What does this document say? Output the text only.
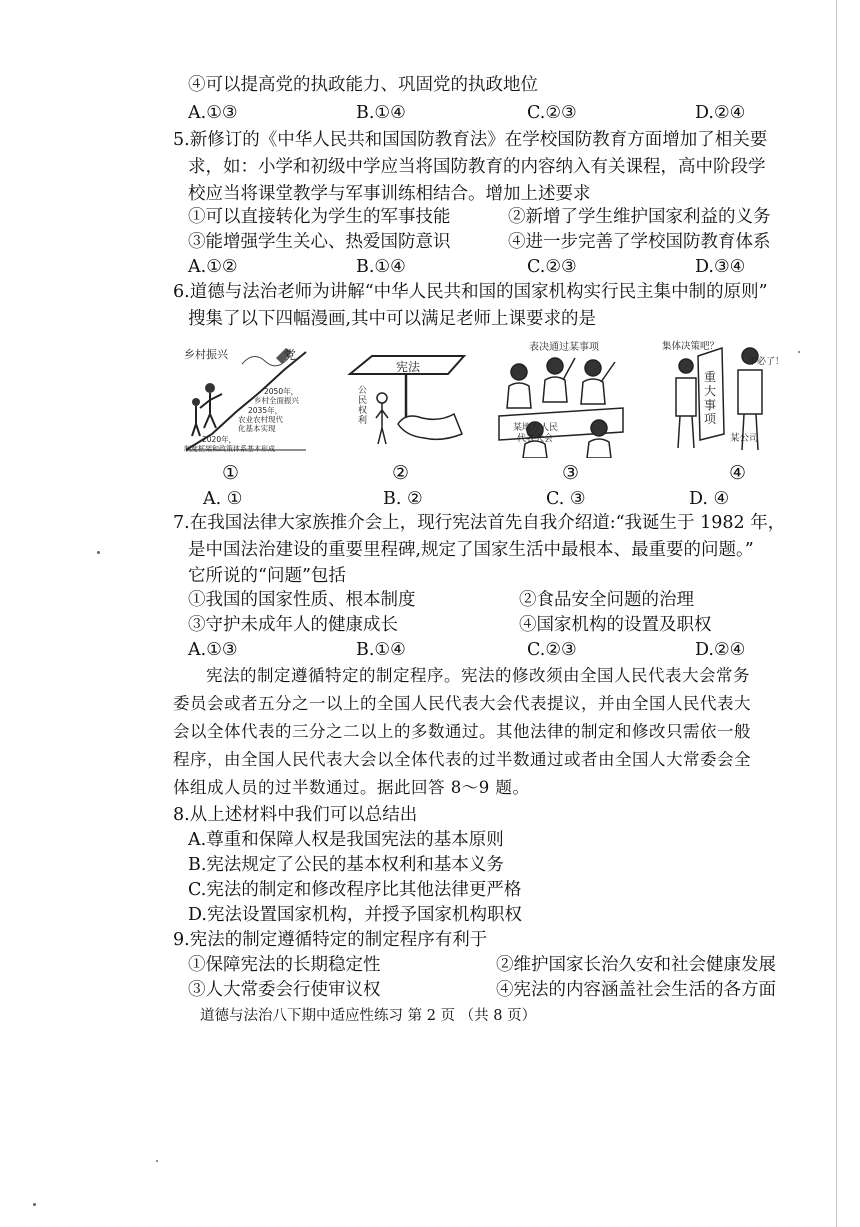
④可以提高党的执政能力、巩固党的执政地位
A.①③	B.①④	C.②③	D.②④
5.新修订的《中华人民共和国国防教育法》在学校国防教育方面增加了相关要
求，如：小学和初级中学应当将国防教育的内容纳入有关课程，高中阶段学
校应当将课堂教学与军事训练相结合。增加上述要求
①可以直接转化为学生的军事技能	②新增了学生维护国家利益的义务
③能增强学生关心、热爱国防意识	④进一步完善了学校国防教育体系
A.①②	B.①④	C.②③	D.③④
6.道德与法治老师为讲解“中华人民共和国的国家机构实行民主集中制的原则”
搜集了以下四幅漫画,其中可以满足老师上课要求的是
乡村振兴	党
2050年，
乡村全面振兴
2035年，
农业农村现代
化基本实现
2020年，
制度框架和政策体系基本形成
宪法
公
民
权
利
表决通过某事项
某地方人民
代表大会
集体决策吧？
不必了！
重
大
事
项
某公司
①	②	③	④
A. ①	B. ②	C. ③	D. ④
7.在我国法律大家族推介会上，现行宪法首先自我介绍道:“我诞生于 1982 年，
是中国法治建设的重要里程碑,规定了国家生活中最根本、最重要的问题。”
它所说的“问题”包括
①我国的国家性质、根本制度	②食品安全问题的治理
③守护未成年人的健康成长	④国家机构的设置及职权
A.①③	B.①④	C.②③	D.②④
宪法的制定遵循特定的制定程序。宪法的修改须由全国人民代表大会常务
委员会或者五分之一以上的全国人民代表大会代表提议，并由全国人民代表大
会以全体代表的三分之二以上的多数通过。其他法律的制定和修改只需依一般
程序，由全国人民代表大会以全体代表的过半数通过或者由全国人大常委会全
体组成人员的过半数通过。据此回答 8～9 题。
8.从上述材料中我们可以总结出
A.尊重和保障人权是我国宪法的基本原则
B.宪法规定了公民的基本权利和基本义务
C.宪法的制定和修改程序比其他法律更严格
D.宪法设置国家机构，并授予国家机构职权
9.宪法的制定遵循特定的制定程序有利于
①保障宪法的长期稳定性	②维护国家长治久安和社会健康发展
③人大常委会行使审议权	④宪法的内容涵盖社会生活的各方面
道德与法治八下期中适应性练习 第 2 页 （共 8 页）
